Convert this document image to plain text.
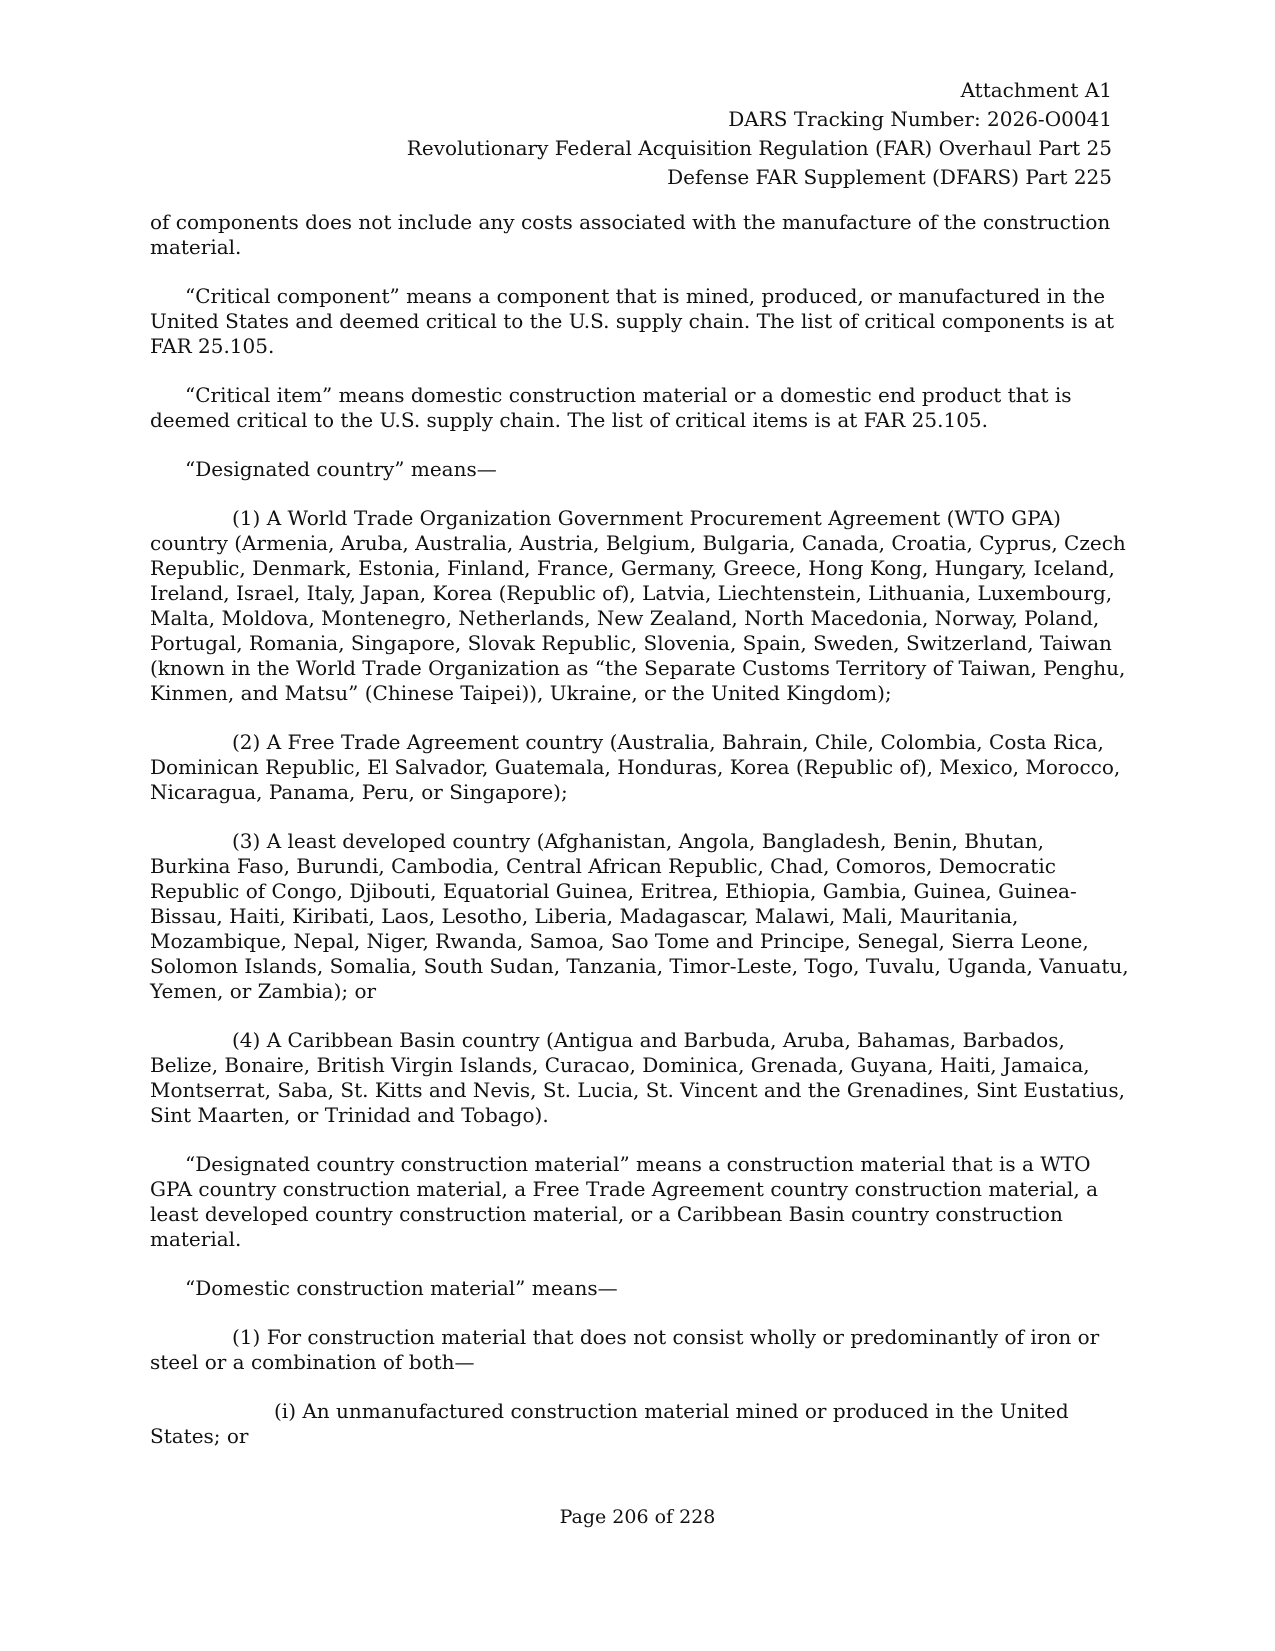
Attachment A1
DARS Tracking Number: 2026-O0041
Revolutionary Federal Acquisition Regulation (FAR) Overhaul Part 25
Defense FAR Supplement (DFARS) Part 225

of components does not include any costs associated with the manufacture of the construction material.

“Critical component” means a component that is mined, produced, or manufactured in the United States and deemed critical to the U.S. supply chain. The list of critical components is at FAR 25.105.

“Critical item” means domestic construction material or a domestic end product that is deemed critical to the U.S. supply chain. The list of critical items is at FAR 25.105.

“Designated country” means—

(1) A World Trade Organization Government Procurement Agreement (WTO GPA) country (Armenia, Aruba, Australia, Austria, Belgium, Bulgaria, Canada, Croatia, Cyprus, Czech Republic, Denmark, Estonia, Finland, France, Germany, Greece, Hong Kong, Hungary, Iceland, Ireland, Israel, Italy, Japan, Korea (Republic of), Latvia, Liechtenstein, Lithuania, Luxembourg, Malta, Moldova, Montenegro, Netherlands, New Zealand, North Macedonia, Norway, Poland, Portugal, Romania, Singapore, Slovak Republic, Slovenia, Spain, Sweden, Switzerland, Taiwan (known in the World Trade Organization as “the Separate Customs Territory of Taiwan, Penghu, Kinmen, and Matsu” (Chinese Taipei)), Ukraine, or the United Kingdom);

(2) A Free Trade Agreement country (Australia, Bahrain, Chile, Colombia, Costa Rica, Dominican Republic, El Salvador, Guatemala, Honduras, Korea (Republic of), Mexico, Morocco, Nicaragua, Panama, Peru, or Singapore);

(3) A least developed country (Afghanistan, Angola, Bangladesh, Benin, Bhutan, Burkina Faso, Burundi, Cambodia, Central African Republic, Chad, Comoros, Democratic Republic of Congo, Djibouti, Equatorial Guinea, Eritrea, Ethiopia, Gambia, Guinea, Guinea-Bissau, Haiti, Kiribati, Laos, Lesotho, Liberia, Madagascar, Malawi, Mali, Mauritania, Mozambique, Nepal, Niger, Rwanda, Samoa, Sao Tome and Principe, Senegal, Sierra Leone, Solomon Islands, Somalia, South Sudan, Tanzania, Timor-Leste, Togo, Tuvalu, Uganda, Vanuatu, Yemen, or Zambia); or

(4) A Caribbean Basin country (Antigua and Barbuda, Aruba, Bahamas, Barbados, Belize, Bonaire, British Virgin Islands, Curacao, Dominica, Grenada, Guyana, Haiti, Jamaica, Montserrat, Saba, St. Kitts and Nevis, St. Lucia, St. Vincent and the Grenadines, Sint Eustatius, Sint Maarten, or Trinidad and Tobago).

“Designated country construction material” means a construction material that is a WTO GPA country construction material, a Free Trade Agreement country construction material, a least developed country construction material, or a Caribbean Basin country construction material.

“Domestic construction material” means—

(1) For construction material that does not consist wholly or predominantly of iron or steel or a combination of both—

(i) An unmanufactured construction material mined or produced in the United States; or

Page 206 of 228
